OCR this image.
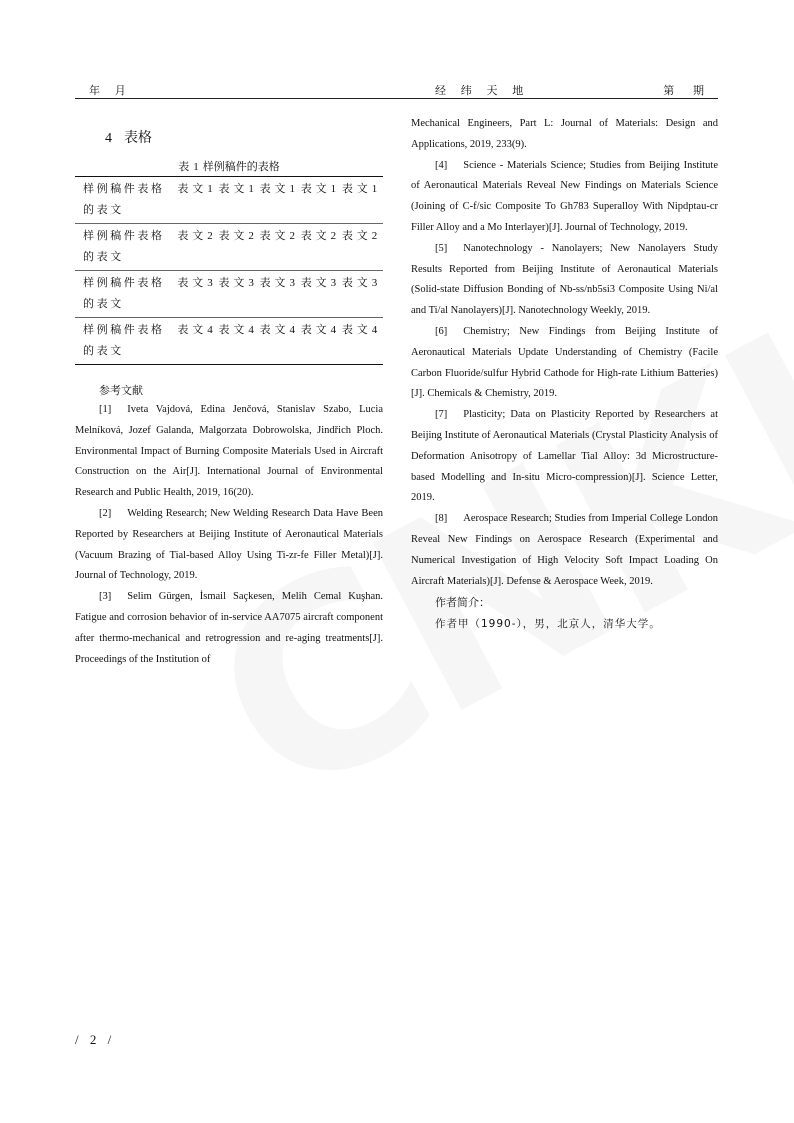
年 月	经 纬 天 地	第 期
4 表格
表 1 样例稿件的表格
样例稿件表格的表文	表文1	表文1	表文1	表文1	表文1
样例稿件表格的表文	表文2	表文2	表文2	表文2	表文2
样例稿件表格的表文	表文3	表文3	表文3	表文3	表文3
样例稿件表格的表文	表文4	表文4	表文4	表文4	表文4
参考文献

[1] Iveta Vajdová, Edina Jenčová, Stanislav Szabo, Lucia Melníková, Jozef Galanda, Malgorzata Dobrowolska, Jindřich Ploch. Environmental Impact of Burning Composite Materials Used in Aircraft Construction on the Air[J]. International Journal of Environmental Research and Public Health, 2019, 16(20).

[2] Welding Research; New Welding Research Data Have Been Reported by Researchers at Beijing Institute of Aeronautical Materials (Vacuum Brazing of Tial-based Alloy Using Ti-zr-fe Filler Metal)[J]. Journal of Technology, 2019.

[3] Selim Gürgen, İsmail Saçkesen, Melih Cemal Kuşhan. Fatigue and corrosion behavior of in-service AA7075 aircraft component after thermo-mechanical and retrogression and re-aging treatments[J]. Proceedings of the Institution of

Mechanical Engineers, Part L: Journal of Materials: Design and Applications, 2019, 233(9).

[4] Science - Materials Science; Studies from Beijing Institute of Aeronautical Materials Reveal New Findings on Materials Science (Joining of C-f/sic Composite To Gh783 Superalloy With Nipdptau-cr Filler Alloy and a Mo Interlayer)[J]. Journal of Technology, 2019.

[5] Nanotechnology - Nanolayers; New Nanolayers Study Results Reported from Beijing Institute of Aeronautical Materials (Solid-state Diffusion Bonding of Nb-ss/nb5si3 Composite Using Ni/al and Ti/al Nanolayers)[J]. Nanotechnology Weekly, 2019.

[6] Chemistry; New Findings from Beijing Institute of Aeronautical Materials Update Understanding of Chemistry (Facile Carbon Fluoride/sulfur Hybrid Cathode for High-rate Lithium Batteries)[J]. Chemicals & Chemistry, 2019.

[7] Plasticity; Data on Plasticity Reported by Researchers at Beijing Institute of Aeronautical Materials (Crystal Plasticity Analysis of Deformation Anisotropy of Lamellar Tial Alloy: 3d Microstructure-based Modelling and In-situ Micro-compression)[J]. Science Letter, 2019.

[8] Aerospace Research; Studies from Imperial College London Reveal New Findings on Aerospace Research (Experimental and Numerical Investigation of High Velocity Soft Impact Loading On Aircraft Materials)[J]. Defense & Aerospace Week, 2019.

作者简介：
作者甲（1990-），男，北京人，清华大学。
/ 2 /
